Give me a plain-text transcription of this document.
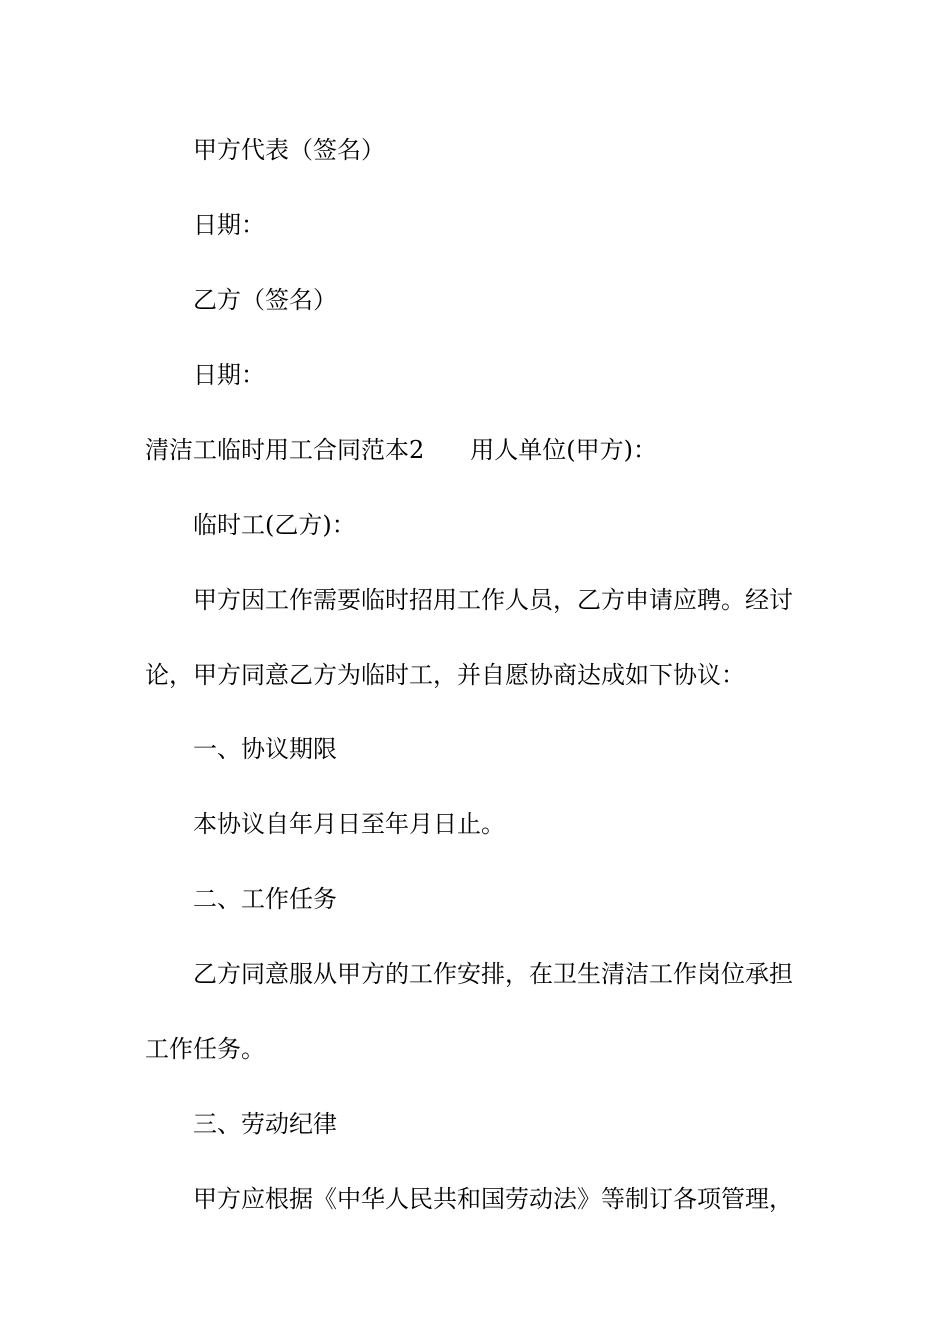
甲方代表（签名）

日期：

乙方（签名）

日期：

清洁工临时用工合同范本2 用人单位(甲方)：

临时工(乙方)：

甲方因工作需要临时招用工作人员，乙方申请应聘。经讨

论，甲方同意乙方为临时工，并自愿协商达成如下协议：

一、协议期限

本协议自年月日至年月日止。

二、工作任务

乙方同意服从甲方的工作安排，在卫生清洁工作岗位承担

工作任务。

三、劳动纪律

甲方应根据《中华人民共和国劳动法》等制订各项管理，
